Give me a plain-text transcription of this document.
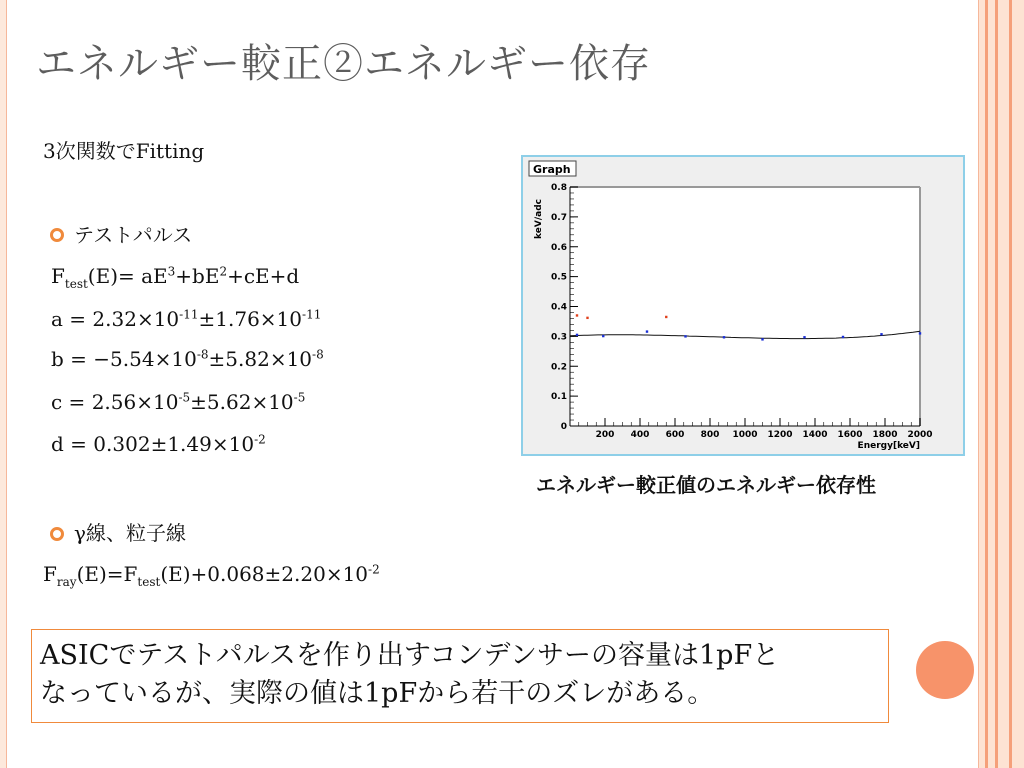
エネルギー較正②エネルギー依存
3次関数でFitting
テストパルス
$F_{test}(E)= aE^3+bE^2+cE+d$
$a = 2.32\times 10^{-11}\pm 1.76\times 10^{-11}$
$b = -5.54\times 10^{-8}\pm 5.82\times 10^{-8}$
$c = 2.56\times 10^{-5}\pm 5.62\times 10^{-5}$
$d = 0.302\pm 1.49\times 10^{-2}$
γ線、粒子線
$F_{ray}(E)=F_{test}(E)+0.068\pm 2.20\times 10^{-2}$
Graph
0
0.1
0.2
0.3
0.4
0.5
0.6
0.7
0.8
200 400 600 800 1000 1200 1400 1600 1800 2000
Energy[keV]
keV/adc
エネルギー較正値のエネルギー依存性
ASICでテストパルスを作り出すコンデンサーの容量は1pFと
なっているが、実際の値は1pFから若干のズレがある。
